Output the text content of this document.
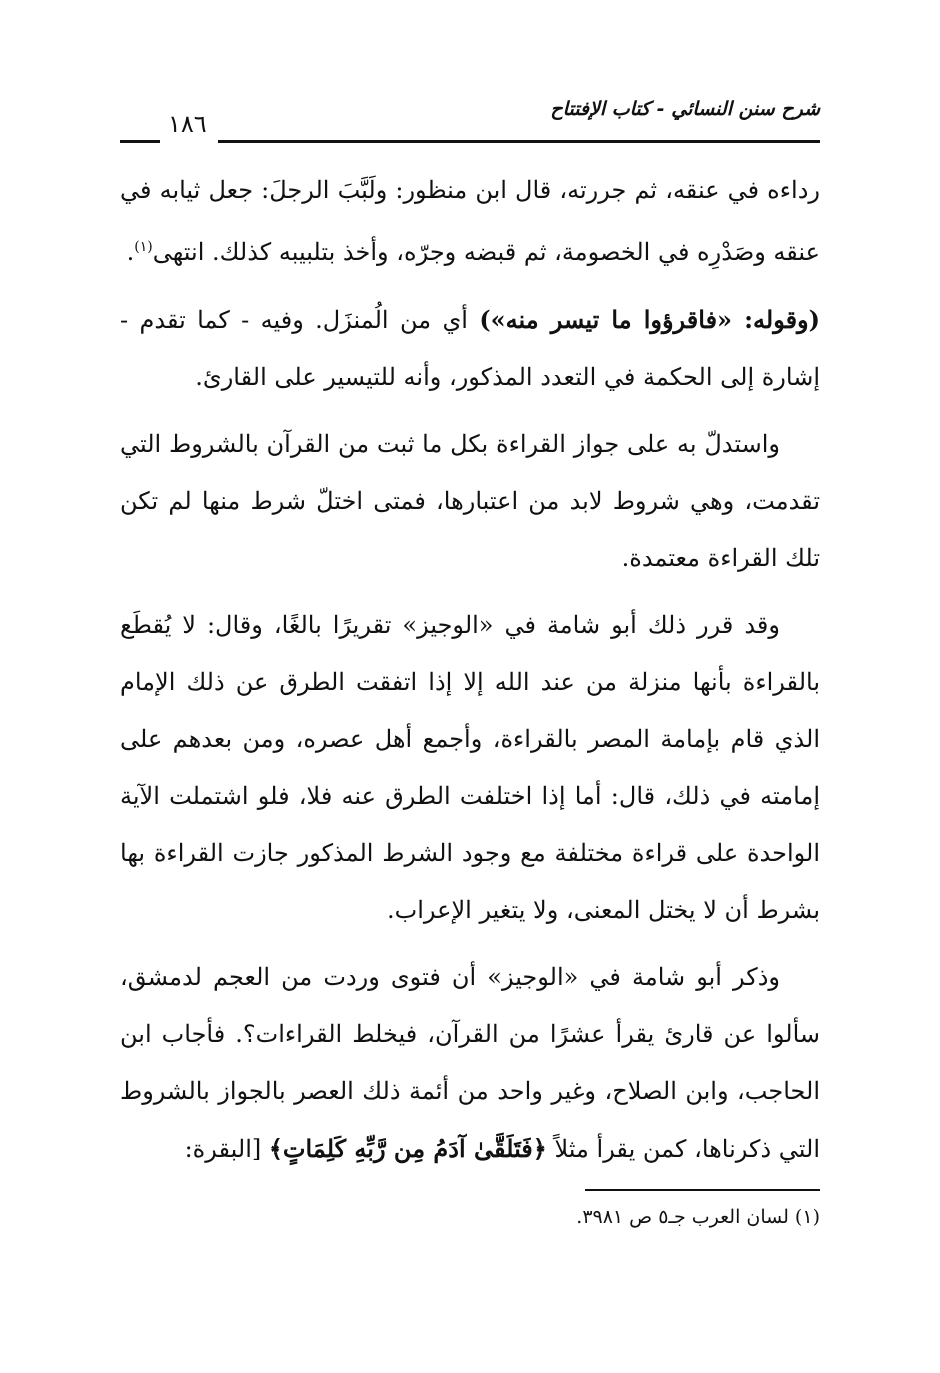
شرح سنن النسائي - كتاب الإفتتاح
١٨٦

رداءه في عنقه، ثم جررته، قال ابن منظور: ولَبَّبَ الرجلَ: جعل ثيابه في عنقه وصَدْرِه في الخصومة، ثم قبضه وجرّه، وأخذ بتلبيبه كذلك. انتهى$^{(١)}$.

(وقوله: «فاقرؤوا ما تيسر منه») أي من الُمنزَل. وفيه - كما تقدم - إشارة إلى الحكمة في التعدد المذكور، وأنه للتيسير على القارئ.

واستدلّ به على جواز القراءة بكل ما ثبت من القرآن بالشروط التي تقدمت، وهي شروط لابد من اعتبارها، فمتى اختلّ شرط منها لم تكن تلك القراءة معتمدة.

وقد قرر ذلك أبو شامة في «الوجيز» تقريرًا بالغًا، وقال: لا يُقطَع بالقراءة بأنها منزلة من عند الله إلا إذا اتفقت الطرق عن ذلك الإمام الذي قام بإمامة المصر بالقراءة، وأجمع أهل عصره، ومن بعدهم على إمامته في ذلك، قال: أما إذا اختلفت الطرق عنه فلا، فلو اشتملت الآية الواحدة على قراءة مختلفة مع وجود الشرط المذكور جازت القراءة بها بشرط أن لا يختل المعنى، ولا يتغير الإعراب.

وذكر أبو شامة في «الوجيز» أن فتوى وردت من العجم لدمشق، سألوا عن قارئ يقرأ عشرًا من القرآن، فيخلط القراءات؟. فأجاب ابن الحاجب، وابن الصلاح، وغير واحد من أئمة ذلك العصر بالجواز بالشروط التي ذكرناها، كمن يقرأ مثلاً ﴿فَتَلَقَّىٰ آدَمُ مِن رَّبِّهِ كَلِمَاتٍ﴾ [البقرة:

(١) لسان العرب جـ٥ ص ٣٩٨١.
